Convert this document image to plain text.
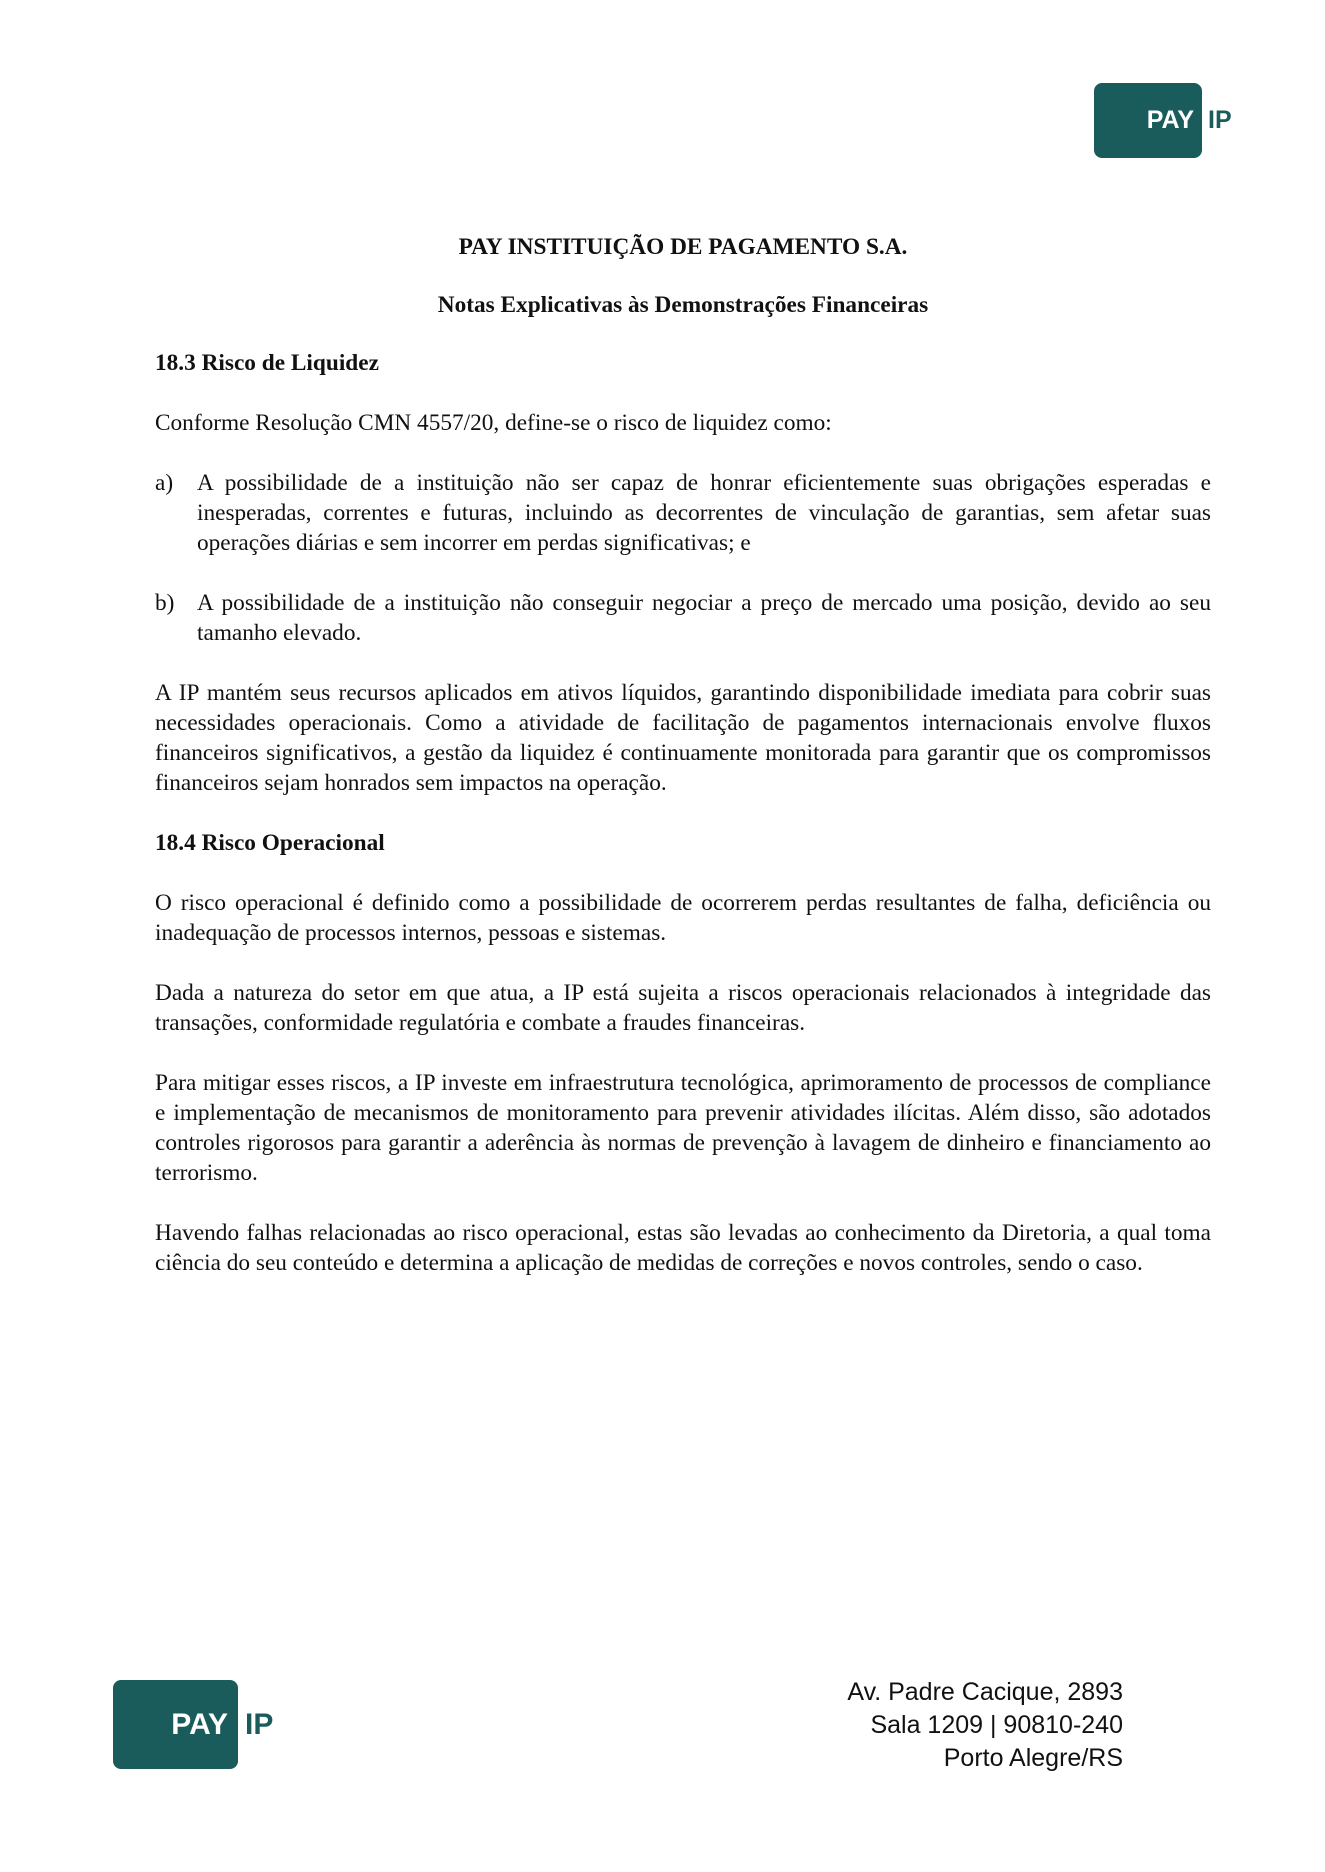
PAY IP
PAY INSTITUIÇÃO DE PAGAMENTO S.A.
Notas Explicativas às Demonstrações Financeiras
18.3 Risco de Liquidez

Conforme Resolução CMN 4557/20, define-se o risco de liquidez como:

a)	A possibilidade de a instituição não ser capaz de honrar eficientemente suas obrigações esperadas e inesperadas, correntes e futuras, incluindo as decorrentes de vinculação de garantias, sem afetar suas operações diárias e sem incorrer em perdas significativas; e
b) A possibilidade de a instituição não conseguir negociar a preço de mercado uma posição, devido ao seu tamanho elevado.

A IP mantém seus recursos aplicados em ativos líquidos, garantindo disponibilidade imediata para cobrir suas necessidades operacionais. Como a atividade de facilitação de pagamentos internacionais envolve fluxos financeiros significativos, a gestão da liquidez é continuamente monitorada para garantir que os compromissos financeiros sejam honrados sem impactos na operação.

18.4 Risco Operacional

O risco operacional é definido como a possibilidade de ocorrerem perdas resultantes de falha, deficiência ou inadequação de processos internos, pessoas e sistemas.

Dada a natureza do setor em que atua, a IP está sujeita a riscos operacionais relacionados à integridade das transações, conformidade regulatória e combate a fraudes financeiras.

Para mitigar esses riscos, a IP investe em infraestrutura tecnológica, aprimoramento de processos de compliance e implementação de mecanismos de monitoramento para prevenir atividades ilícitas. Além disso, são adotados controles rigorosos para garantir a aderência às normas de prevenção à lavagem de dinheiro e financiamento ao terrorismo.

Havendo falhas relacionadas ao risco operacional, estas são levadas ao conhecimento da Diretoria, a qual toma ciência do seu conteúdo e determina a aplicação de medidas de correções e novos controles, sendo o caso.

PAY IP
Av. Padre Cacique, 2893
Sala 1209 | 90810-240
Porto Alegre/RS
